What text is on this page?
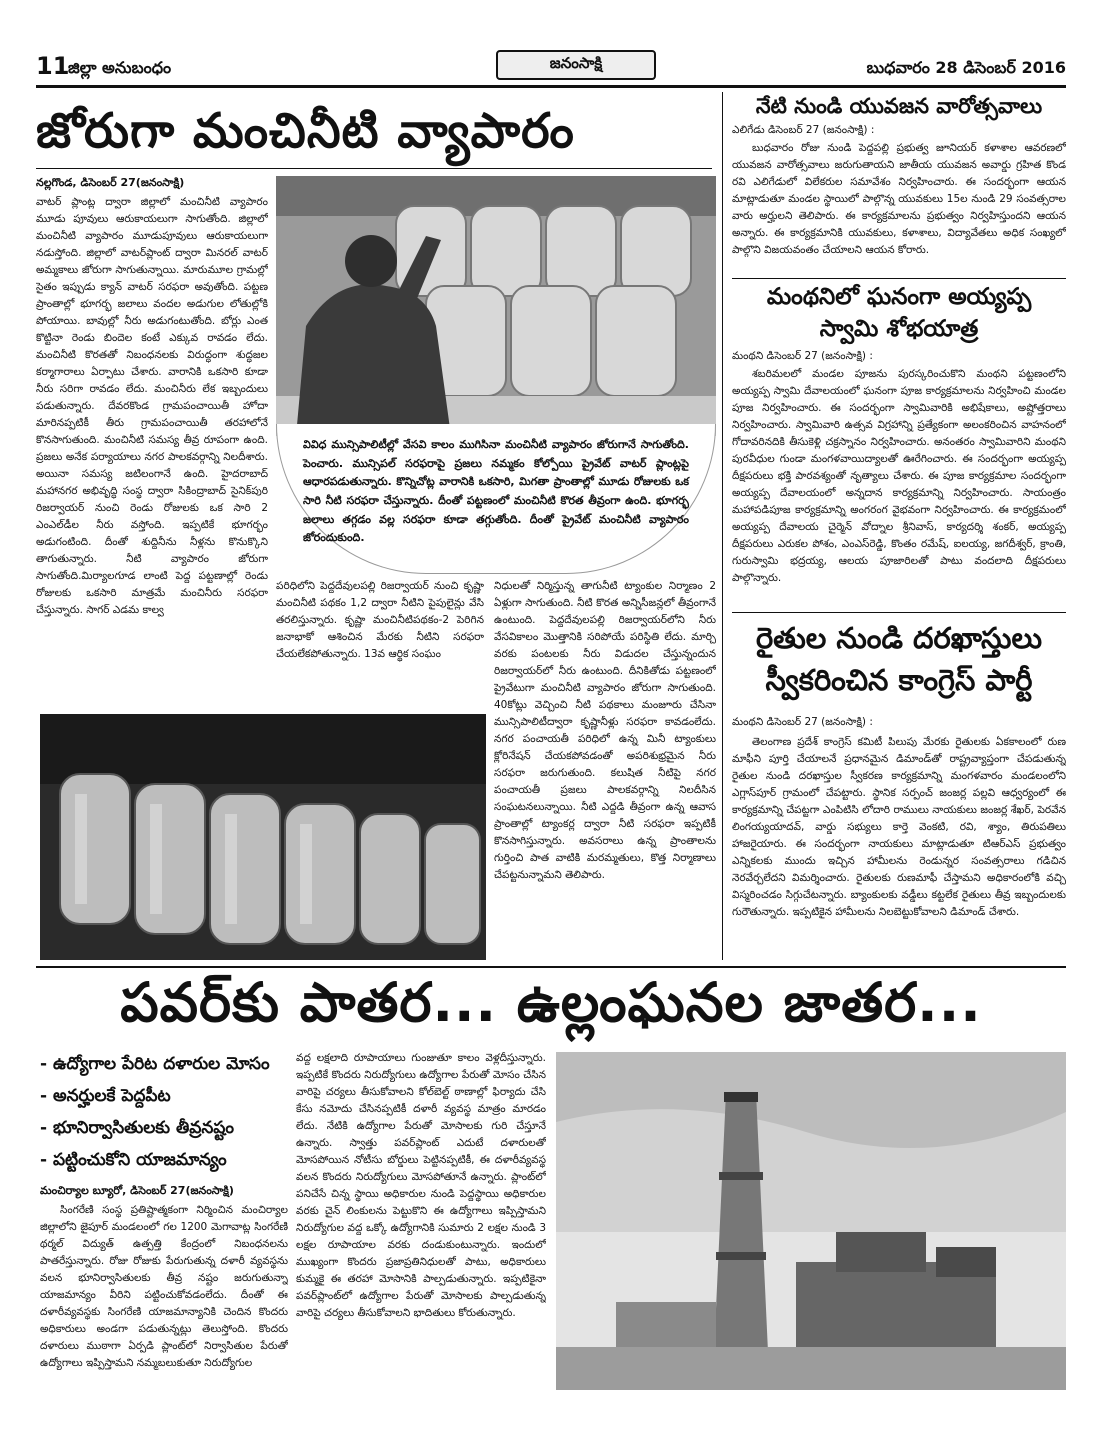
11
జిల్లా అనుబంధం	జనంసాక్షి	బుధవారం 28 డిసెంబర్ 2016
జోరుగా మంచినీటి వ్యాపారం
నల్లగొండ, డిసెంబర్ 27(జనంసాక్షి)
వాటర్ ప్లాంట్ల ద్వారా జిల్లాలో మంచినీటి వ్యాపారం మూడు పూవులు ఆరుకాయలుగా సాగుతోంది. జిల్లాలో మంచినీటి వ్యాపారం మూడుపూవులు ఆరుకాయలుగా నడుస్తోంది. జిల్లాలో వాటర్‌ప్లాంట్ ద్వారా మినరల్ వాటర్ అమ్మకాలు జోరుగా సాగుతున్నాయి. మారుమూల గ్రామల్లో సైతం ఇప్పుడు క్యాన్ వాటర్ సరఫరా అవుతోంది. పట్టణ ప్రాంతాల్లో భూగర్భ జలాలు వందల అడుగుల లోతుల్లోకి పోయాయి. బావుల్లో నీరు అడుగంటుతోంది. బోర్లు ఎంత కొట్టినా రెండు బిందెల కంటే ఎక్కువ రావడం లేదు. మంచినీటి కొరతతో నిబంధనలకు విరుద్ధంగా శుద్ధజల కర్మాగారాలు ఏర్పాటు చేశారు. వారానికి ఒకసారి కూడా నీరు సరిగా రావడం లేదు. మంచినీరు లేక ఇబ్బందులు పడుతున్నారు. దేవరకొండ గ్రామపంచాయితీ హోదా మారినప్పటికీ తీరు గ్రామపంచాయితీ తరహాలోనే కొనసాగుతుంది. మంచినీటి సమస్య తీవ్ర రూపంగా ఉంది. ప్రజలు అనేక పర్యాయాలు నగర పాలకవర్గాన్ని నిలదీశారు. అయినా సమస్య జటిలంగానే ఉంది. హైదరాబాద్ మహానగర అభివృద్ధి సంస్థ ద్వారా సికింద్రాబాద్ సైనిక్‌పురి రిజర్వాయర్ నుంచి రెండు రోజులకు ఒక సారి 2 ఎంఎల్‌డీల నీరు వస్తోంది. ఇప్పటికే భూగర్భం అడుగంటింది. దీంతో శుద్దినీను నీళ్లను కొనుక్కొని తాగుతున్నారు. నీటి వ్యాపారం జోరుగా సాగుతోంది.మిర్యాలగూడ లాంటి పెద్ద పట్టణాల్లో రెండు రోజులకు ఒకసారి మాత్రమే మంచినీరు సరఫరా చేస్తున్నారు. సాగర్ ఎడమ కాల్వ

వివిధ మున్సిపాలిటీల్లో వేసవి కాలం ముగిసినా మంచినీటి వ్యాపారం జోరుగానే సాగుతోంది. పెంచారు. మున్సిపల్ సరఫరాపై ప్రజలు నమ్మకం కోల్పోయి ప్రైవేట్ వాటర్ ప్లాంట్లపై ఆధారపడుతున్నారు. కొన్నిచోట్ల వారానికి ఒకసారి, మిగతా ప్రాంతాల్లో మూడు రోజులకు ఒక సారి నీటి సరఫరా చేస్తున్నారు. దీంతో పట్టణంలో మంచినీటి కొరత తీవ్రంగా ఉంది. భూగర్భ జలాలు తగ్గడం వల్ల సరఫరా కూడా తగ్గుతోంది. దీంతో ప్రైవేట్ మంచినీటి వ్యాపారం జోరందుకుంది.

పరిధిలోని పెద్దదేవులపల్లి రిజర్వాయర్ నుంచి కృష్ణా మంచినీటి పథకం 1,2 ద్వారా నీటిని పైపులైన్లు వేసి తరలిస్తున్నారు. కృష్ణా మంచినీటిపథకం-2 పెరిగిన జనాభాకో ఆశించిన మేరకు నీటిని సరఫరా చేయలేకపోతున్నారు. 13వ ఆర్థిక సంఘం
నిధులతో నిర్మిస్తున్న తాగునీటి ట్యాంకుల నిర్మాణం 2 ఏళ్లుగా సాగుతుంది. నీటి కొరత అన్నిసీజన్లలో తీవ్రంగానే ఉంటుంది. పెద్దదేవులపల్లి రిజర్వాయర్‌లోని నీరు వేసవికాలం మొత్తానికి సరిపోయే పరిస్థితి లేదు. మార్చి వరకు పంటలకు నీరు విడుదల చేస్తున్నందున రిజర్వాయర్‌లో నీరు ఉంటుంది. దీనికితోడు పట్టణంలో ప్రైవేటుగా మంచినీటి వ్యాపారం జోరుగా సాగుతుంది. 40కోట్లు వెచ్చించి నీటి పథకాలు మంజూరు చేసినా మున్సిపాలిటీద్వారా కృష్ణానీళ్లు సరఫరా కావడంలేదు. నగర పంచాయతీ పరిధిలో ఉన్న మినీ ట్యాంకులు క్లోరినేషన్ చేయకపోవడంతో అపరిశుభ్రమైన నీరు సరఫరా జరుగుతుంది. కలుషిత నీటిపై నగర పంచాయతీ ప్రజలు పాలకవర్గాన్ని నిలదీసిన సంఘటనలున్నాయి. నీటి ఎద్దడి తీవ్రంగా ఉన్న ఆవాస ప్రాంతాల్లో ట్యాంకర్ల ద్వారా నీటి సరఫరా ఇప్పటికీ కొనసాగిస్తున్నారు. అవసరాలు ఉన్న ప్రాంతాలను గుర్తించి పాత వాటికి మరమ్మతులు, కొత్త నిర్మాణాలు చేపట్టనున్నామని తెలిపారు.
నేటి నుండి యువజన వారోత్సవాలు
ఎలిగేడు డిసెంబర్ 27 (జనంసాక్షి) :
బుధవారం రోజు నుండి పెద్దపల్లి ప్రభుత్వ జూనియర్ కళాశాల ఆవరణలో యువజన వారోత్సవాలు జరుగుతాయని జాతీయ యువజన అవార్డు గ్రహిత కొండ రవి ఎలిగేడులో విలేకరుల సమావేశం నిర్వహించారు. ఈ సందర్భంగా ఆయన మాట్లాడుతూ మండల స్థాయిలో పాల్గొన్న యువకులు 15ల నుండి 29 సంవత్సరాల వారు అర్హులని తెలిపారు. ఈ కార్యక్రమాలను ప్రభుత్వం నిర్వహిస్తుందని ఆయన అన్నారు. ఈ కార్యక్రమానికి యువకులు, కళాశాలు, విద్యావేతలు అధిక సంఖ్యలో పాల్గొని విజయవంతం చేయాలని ఆయన కోరారు.
మంథనిలో ఘనంగా అయ్యప్ప
స్వామి శోభయాత్ర
మంథని డిసెంబర్ 27 (జనంసాక్షి) :
శబరిమలలో మండల పూజను పురస్కరించుకొని మంథని పట్టణంలోని అయ్యప్ప స్వామి దేవాలయంలో ఘనంగా పూజ కార్యక్రమాలను నిర్వహించి మండల పూజ నిర్వహించారు. ఈ సందర్భంగా స్వామివారికి అభిషేకాలు, అష్టోత్తరాలు నిర్వహించారు. స్వామివారి ఉత్సవ విగ్రహాన్ని ప్రత్యేకంగా అలంకరించిన వాహనంలో గోదావరినదికి తీసుకెళ్లి చక్రస్నానం నిర్వహించారు. అనంతరం స్వామివారిని మంథని పురవీధుల గుండా మంగళవాయిద్యాలతో ఊరేగించారు. ఈ సందర్భంగా అయ్యప్ప దీక్షపరులు భక్తి పారవశ్యంతో నృత్యాలు చేశారు. ఈ పూజ కార్యక్రమాల సందర్భంగా అయ్యప్ప దేవాలయంలో అన్నదాన కార్యక్రమాన్ని నిర్వహించారు. సాయంత్రం మహాపడిపూజ కార్యక్రమాన్ని అంగరంగ వైభవంగా నిర్వహించారు. ఈ కార్యక్రమంలో అయ్యప్ప దేవాలయ చైర్మెన్ వోద్నాల శ్రీనివాస్, కార్యదర్శి శంకర్, అయ్యప్ప దీక్షపరులు ఎరుకల పోశం, ఎంఎస్‌రెడ్డి, కొంతం రమేష్, ఐలయ్య, జగదీశ్వర్, క్రాంతి, గురుస్వామి భద్రయ్య, ఆలయ పూజారిలతో పాటు వందలాది దీక్షపరులు పాల్గొన్నారు.
రైతుల నుండి దరఖాస్తులు
స్వీకరించిన కాంగ్రెస్ పార్టీ
మంథని డిసెంబర్ 27 (జనంసాక్షి) :
తెలంగాణ ప్రదేశ్ కాంగ్రెస్ కమిటీ పిలుపు మేరకు రైతులకు ఏకకాలంలో రుణ మాఫీని పూర్తి చేయాలనే ప్రధానమైన డిమాండ్‌తో రాష్ట్రవ్యాప్తంగా చేపడుతున్న రైతుల నుండి దరఖాస్తుల స్వీకరణ కార్యక్రమాన్ని మంగళవారం మండలంలోని ఎగ్లాస్‌పూర్ గ్రామంలో చేపట్టారు. స్థానిక సర్పంచ్ జంజర్ల పల్లవి ఆధ్వర్యంలో ఈ కార్యక్రమాన్ని చేపట్టగా ఎంపిటిసి లోదారి రాములు నాయకులు జంజర్ల శేఖర్, పెరవేన లింగయ్యయాదవ్, వార్డు సభ్యులు కార్తె వెంకటి, రవి, శ్యాం, తిరుపతిలు హాజరైయారు. ఈ సందర్భంగా నాయకులు మాట్లాడుతూ టిఆర్ఎస్ ప్రభుత్వం ఎన్నికలకు ముందు ఇచ్చిన హామీలను రెండున్నర సంవత్సరాలు గడిచిన నెరవేర్చలేదని విమర్శించారు. రైతులకు రుణమాఫీ చేస్తామని అధికారంలోకి వచ్చి విస్మరించడం సిగ్గుచేటన్నారు. బ్యాంకులకు వడ్డీలు కట్టలేక రైతులు తీవ్ర ఇబ్బందులకు గురౌతున్నారు. ఇప్పటికైన హామీలను నిలబెట్టుకోవాలని డిమాండ్ చేశారు.
పవర్‌కు పాతర... ఉల్లంఘనల జాతర...
- ఉద్యోగాల పేరిట దళారుల మోసం
- అనర్హులకే పెద్దపీట
- భూనిర్వాసితులకు తీవ్రనష్టం
- పట్టించుకోని యాజమాన్యం
మంచిర్యాల బ్యూరో, డిసెంబర్ 27(జనంసాక్షి)
సింగరేణి సంస్థ ప్రతిష్టాత్మకంగా నిర్మించిన మంచిర్యాల జిల్లాలోని జైపూర్ మండలంలో గల 1200 మెగావాట్ల సింగరేణి థర్మల్ విద్యుత్ ఉత్పత్తి కేంద్రంలో నిబంధనలను పాతరేస్తున్నారు. రోజు రోజుకు పేరుగుతున్న దళారీ వ్యవస్థను వలన భూనిర్వాసితులకు తీవ్ర నష్టం జరుగుతున్నా యాజమాన్యం వీరిని పట్టించుకోవడంలేదు. దీంతో ఈ దళారీవ్యవస్థకు సింగరేణి యాజమాన్యానికి చెందిన కొందరు అధికారులు అండగా పడుతున్నట్లు తెలుస్తోంది. కొందరు దళారులు ముఠాగా ఏర్పడి ప్లాంట్‌లో నిర్వాసితుల పేరుతో ఉద్యోగాలు ఇప్పిస్తామని నమ్మబలుకుతూ నిరుద్యోగుల
వద్ద లక్షలాది రూపాయాలు గుంజుతూ కాలం వెళ్లదీస్తున్నారు. ఇప్పటికే కొందరు నిరుద్యోగులు ఉద్యోగాల పేరుతో మోసం చేసిన వారిపై చర్యలు తీసుకోవాలని కోల్‌బెల్ట్ ఠాణాల్లో ఫిర్యాదు చేసి కేసు నమోదు చేసినప్పటికీ దళారీ వ్యవస్థ మాత్రం మారడం లేదు. నేటికి ఉద్యోగాల పేరుతో మోసాలకు గురి చేస్తూనే ఉన్నారు. స్వాత్తు పవర్‌ప్లాంట్ ఎదుటే దళారులతో మోసపోయిన నోటీసు బోర్డులు పెట్టినప్పటికీ, ఈ దళారీవ్యవస్థ వలన కొందరు నిరుద్యోగులు మోసపోతూనే ఉన్నారు. ప్లాంట్‌లో పనిచేసే చిన్న స్థాయి అధికారుల నుండి పెద్దస్థాయి అధికారుల వరకు చైన్ లింకులను పెట్టుకొని ఈ ఉద్యోగాలు ఇప్పిస్తామని నిరుద్యోగుల వద్ద ఒక్కో ఉద్యోగానికి సుమారు 2 లక్షల నుండి 3 లక్షల రూపాయాల వరకు దండుకుంటున్నారు. ఇందులో ముఖ్యంగా కొందరు ప్రజాప్రతినిధులతో పాటు, అధికారులు కుమ్మకై ఈ తరహా మోసానికి పాల్పడుతున్నారు. ఇప్పటికైనా పవర్‌ప్లాంట్‌లో ఉద్యోగాల పేరుతో మోసాలకు పాల్పడుతున్న వారిపై చర్యలు తీసుకోవాలని భాదితులు కోరుతున్నారు.
